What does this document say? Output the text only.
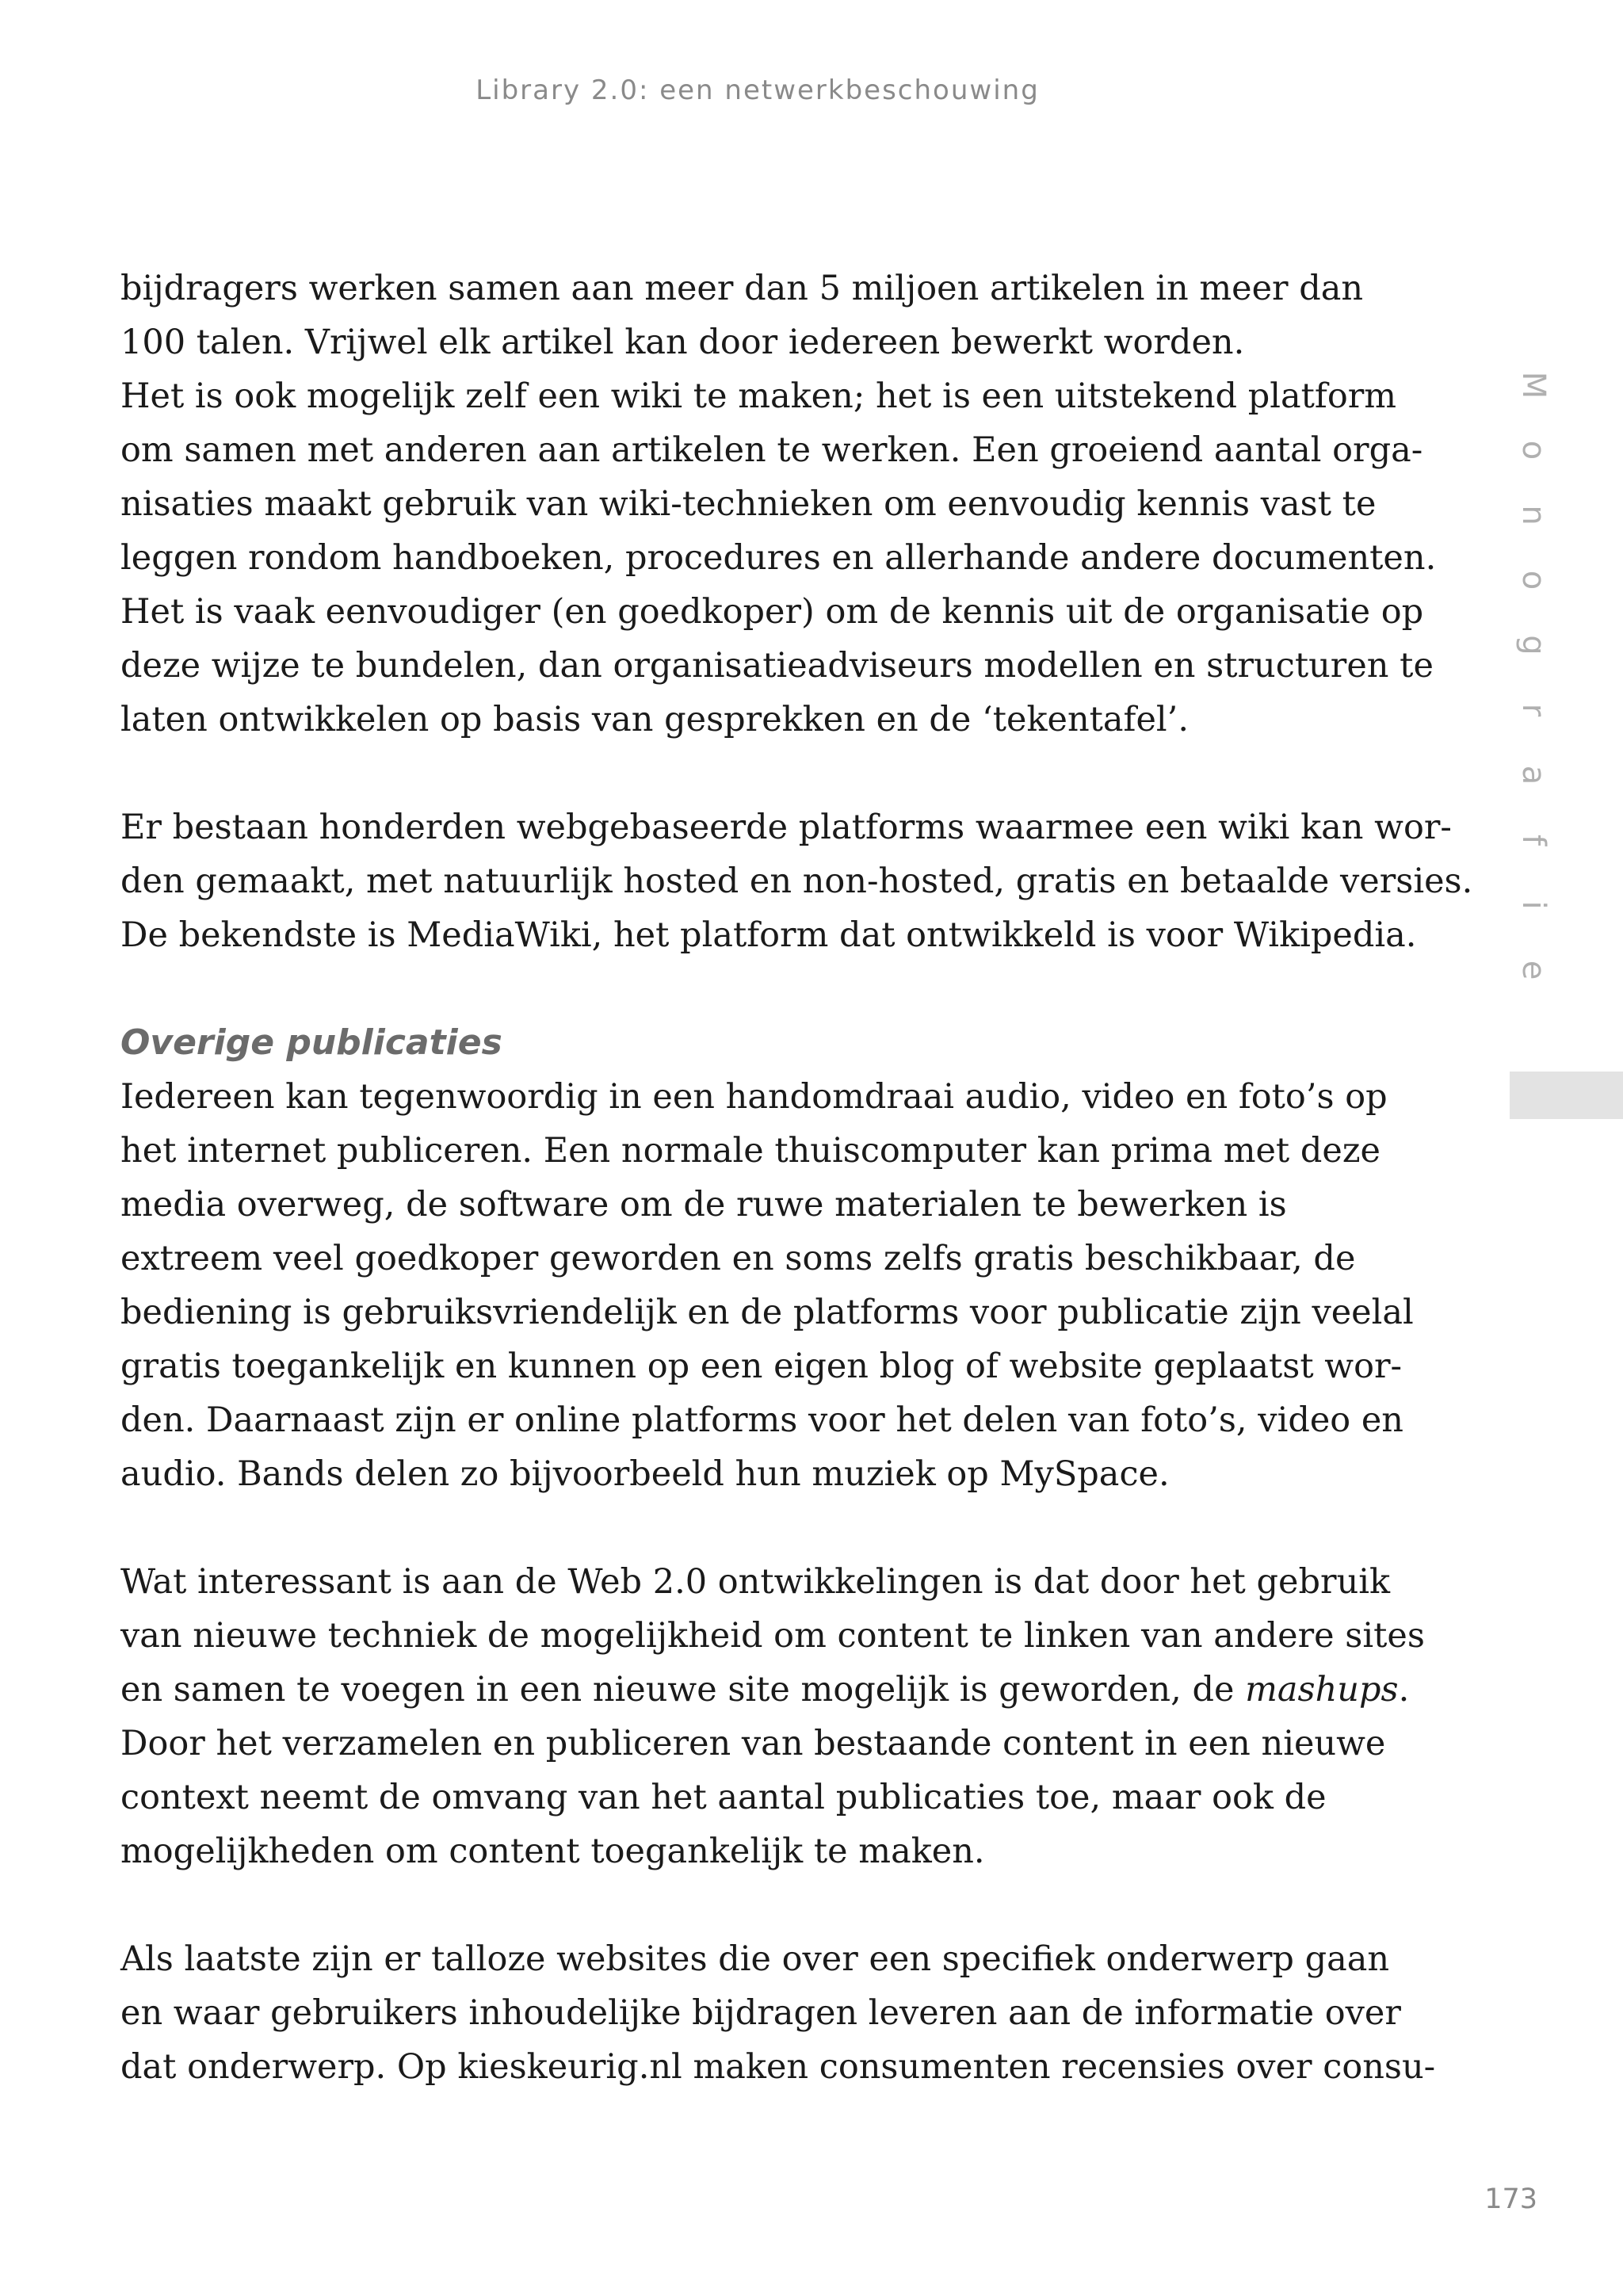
Library 2.0: een netwerkbeschouwing
bijdragers werken samen aan meer dan 5 miljoen artikelen in meer dan
100 talen. Vrijwel elk artikel kan door iedereen bewerkt worden.
Het is ook mogelijk zelf een wiki te maken; het is een uitstekend platform
om samen met anderen aan artikelen te werken. Een groeiend aantal orga-
nisaties maakt gebruik van wiki-technieken om eenvoudig kennis vast te
leggen rondom handboeken, procedures en allerhande andere documenten.
Het is vaak eenvoudiger (en goedkoper) om de kennis uit de organisatie op
deze wijze te bundelen, dan organisatieadviseurs modellen en structuren te
laten ontwikkelen op basis van gesprekken en de ‘tekentafel’.
Er bestaan honderden webgebaseerde platforms waarmee een wiki kan wor-
den gemaakt, met natuurlijk hosted en non-hosted, gratis en betaalde versies.
De bekendste is MediaWiki, het platform dat ontwikkeld is voor Wikipedia.
Overige publicaties
Iedereen kan tegenwoordig in een handomdraai audio, video en foto’s op
het internet publiceren. Een normale thuiscomputer kan prima met deze
media overweg, de software om de ruwe materialen te bewerken is
extreem veel goedkoper geworden en soms zelfs gratis beschikbaar, de
bediening is gebruiksvriendelijk en de platforms voor publicatie zijn veelal
gratis toegankelijk en kunnen op een eigen blog of website geplaatst wor-
den. Daarnaast zijn er online platforms voor het delen van foto’s, video en
audio. Bands delen zo bijvoorbeeld hun muziek op MySpace.
Wat interessant is aan de Web 2.0 ontwikkelingen is dat door het gebruik
van nieuwe techniek de mogelijkheid om content te linken van andere sites
en samen te voegen in een nieuwe site mogelijk is geworden, de mashups.
Door het verzamelen en publiceren van bestaande content in een nieuwe
context neemt de omvang van het aantal publicaties toe, maar ook de
mogelijkheden om content toegankelijk te maken.
Als laatste zijn er talloze websites die over een specifiek onderwerp gaan
en waar gebruikers inhoudelijke bijdragen leveren aan de informatie over
dat onderwerp. Op kieskeurig.nl maken consumenten recensies over consu-
M
o
n
o
g
r
a
f
i
e
173
